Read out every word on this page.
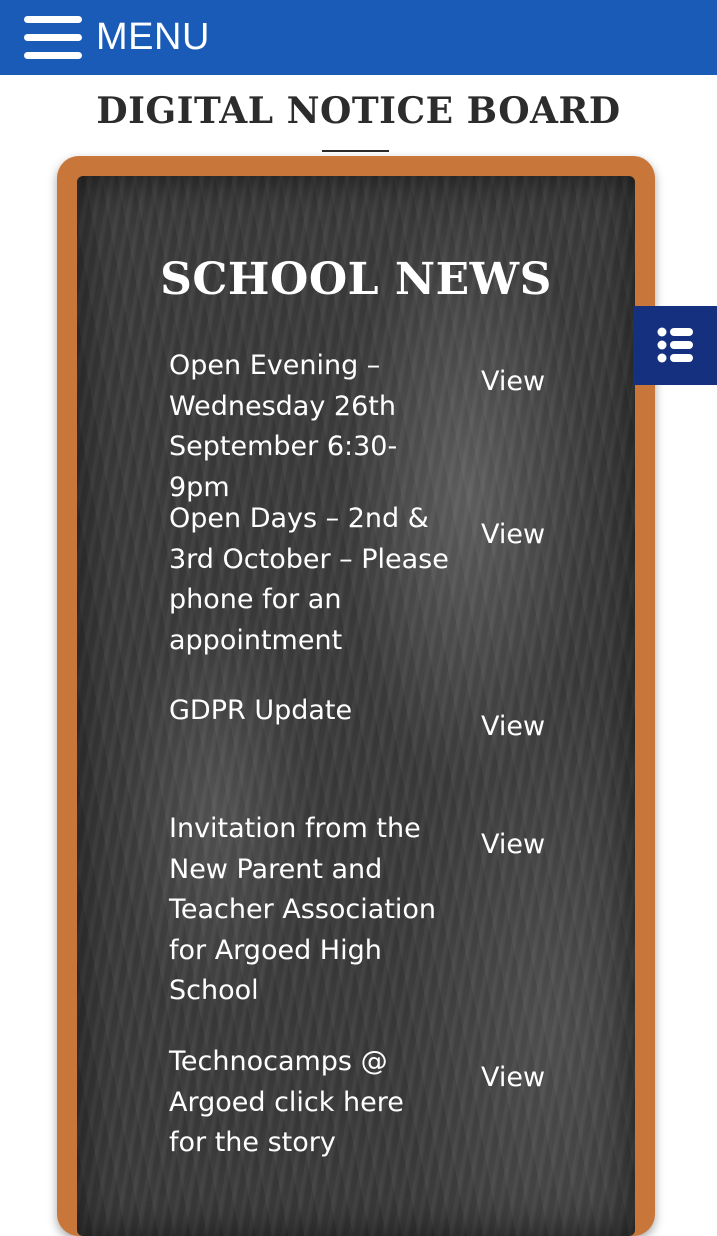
MENU
DIGITAL NOTICE BOARD
SCHOOL NEWS
Open Evening – Wednesday 26th September 6:30-9pm
View
Open Days – 2nd & 3rd October – Please phone for an appointment
View
GDPR Update
View
Invitation from the New Parent and Teacher Association for Argoed High School
View
Technocamps @ Argoed click here for the story
View
